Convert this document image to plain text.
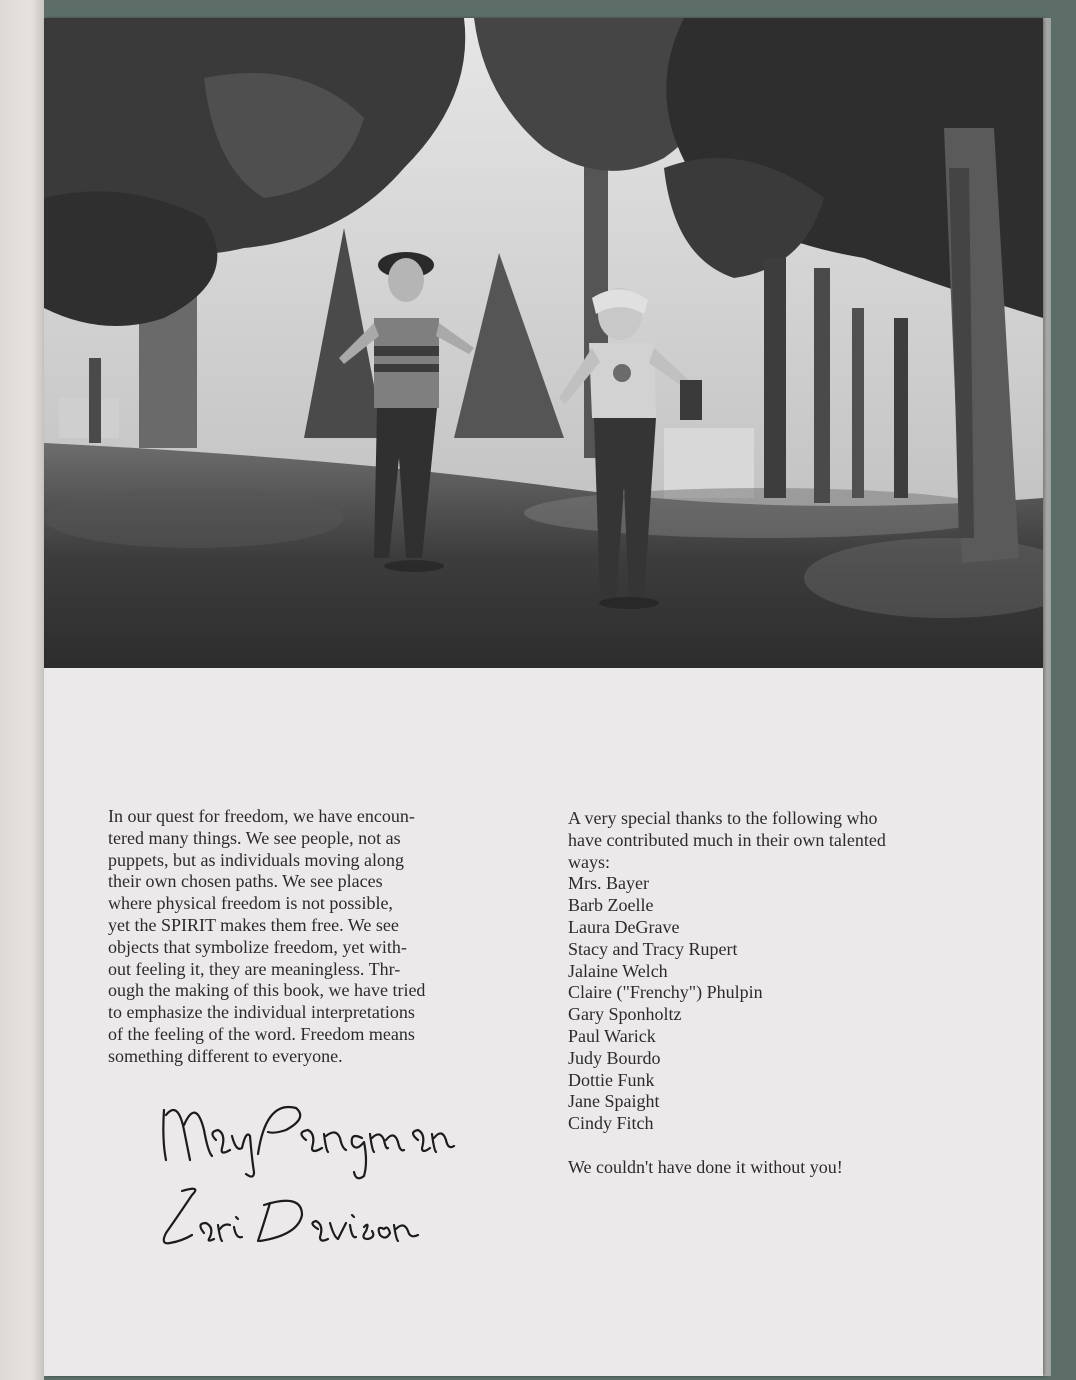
In our quest for freedom, we have encoun-
tered many things. We see people, not as
puppets, but as individuals moving along
their own chosen paths. We see places
where physical freedom is not possible,
yet the SPIRIT makes them free. We see
objects that symbolize freedom, yet with-
out feeling it, they are meaningless. Thr-
ough the making of this book, we have tried
to emphasize the individual interpretations
of the feeling of the word. Freedom means
something different to everyone.

A very special thanks to the following who
have contributed much in their own talented
ways:

Mrs. Bayer
Barb Zoelle
Laura DeGrave
Stacy and Tracy Rupert
Jalaine Welch
Claire ("Frenchy") Phulpin
Gary Sponholtz
Paul Warick
Judy Bourdo
Dottie Funk
Jane Spaight
Cindy Fitch

We couldn't have done it without you!
